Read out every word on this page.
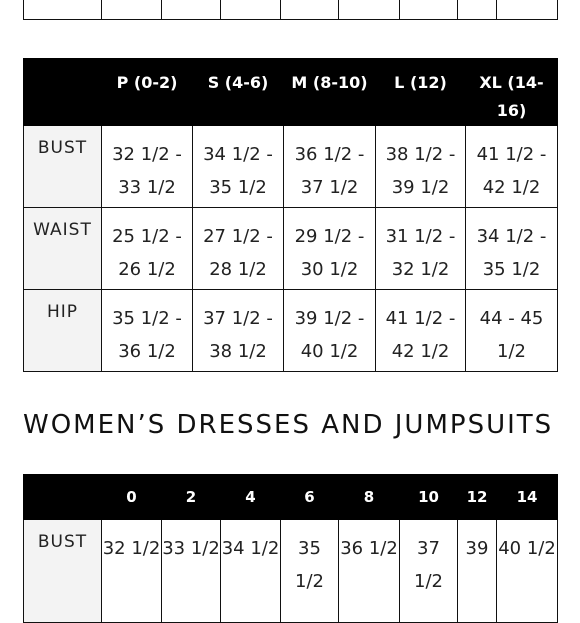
	P (0-2)	S (4-6)	M (8-10)	L (12)	XL (14-16)
BUST	32 1/2 - 33 1/2	34 1/2 - 35 1/2	36 1/2 - 37 1/2	38 1/2 - 39 1/2	41 1/2 - 42 1/2
WAIST	25 1/2 - 26 1/2	27 1/2 - 28 1/2	29 1/2 - 30 1/2	31 1/2 - 32 1/2	34 1/2 - 35 1/2
HIP	35 1/2 - 36 1/2	37 1/2 - 38 1/2	39 1/2 - 40 1/2	41 1/2 - 42 1/2	44 - 45 1/2
WOMEN’S DRESSES AND JUMPSUITS
	0	2	4	6	8	10	12	14
BUST	32 1/2	33 1/2	34 1/2	35 1/2	36 1/2	37 1/2	39	40 1/2
